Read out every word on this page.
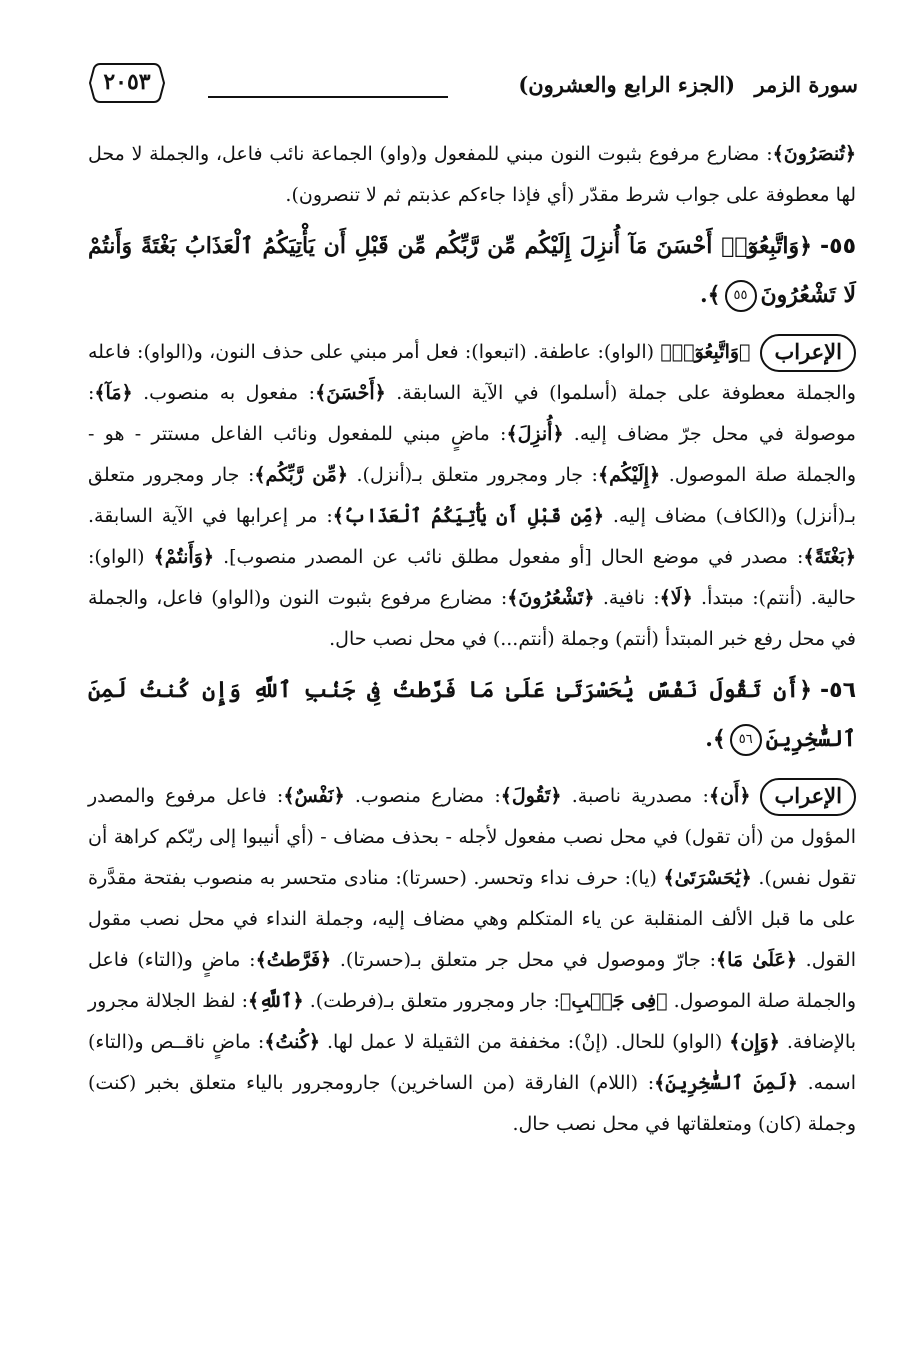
سورة الزمر (الجزء الرابع والعشرون)
٢٠٥٣

﴿تُنصَرُونَ﴾: مضارع مرفوع بثبوت النون مبني للمفعول و(واو) الجماعة نائب فاعل، والجملة لا محل لها معطوفة على جواب شرط مقدّر (أي فإذا جاءكم عذبتم ثم لا تنصرون).

٥٥-﴿وَاتَّبِعُوٓا۟ أَحْسَنَ مَآ أُنزِلَ إِلَيْكُم مِّن رَّبِّكُم مِّن قَبْلِ أَن يَأْتِيَكُمُ ٱلْعَذَابُ بَغْتَةً وَأَنتُمْ لَا تَشْعُرُونَ٥٥﴾.

الإعراب﴿وَاتَّبِعُوٓا۟﴾ (الواو): عاطفة. (اتبعوا): فعل أمر مبني على حذف النون، و(الواو): فاعله والجملة معطوفة على جملة (أسلموا) في الآية السابقة. ﴿أَحْسَنَ﴾: مفعول به منصوب. ﴿مَآ﴾: موصولة في محل جرّ مضاف إليه. ﴿أُنزِلَ﴾: ماضٍ مبني للمفعول ونائب الفاعل مستتر - هو - والجملة صلة الموصول. ﴿إِلَيْكُم﴾: جار ومجرور متعلق بـ(أنزل). ﴿مِّن رَّبِّكُم﴾: جار ومجرور متعلق بـ(أنزل) و(الكاف) مضاف إليه. ﴿مِّن قَبْلِ أَن يَأْتِيَكُمُ ٱلْعَذَابُ﴾: مر إعرابها في الآية السابقة. ﴿بَغْتَةً﴾: مصدر في موضع الحال [أو مفعول مطلق نائب عن المصدر منصوب]. ﴿وَأَنتُمْ﴾ (الواو): حالية. (أنتم): مبتدأ. ﴿لَا﴾: نافية. ﴿تَشْعُرُونَ﴾: مضارع مرفوع بثبوت النون و(الواو) فاعل، والجملة في محل رفع خبر المبتدأ (أنتم) وجملة (أنتم...) في محل نصب حال.

٥٦-﴿أَن تَقُولَ نَفْسٌ يَٰحَسْرَتَىٰ عَلَىٰ مَا فَرَّطتُ فِى جَنۢبِ ٱللَّهِ وَإِن كُنتُ لَمِنَ ٱلسَّٰخِرِينَ٥٦﴾.

الإعراب﴿أَن﴾: مصدرية ناصبة. ﴿تَقُولَ﴾: مضارع منصوب. ﴿نَفْسٌ﴾: فاعل مرفوع والمصدر المؤول من (أن تقول) في محل نصب مفعول لأجله - بحذف مضاف - (أي أنيبوا إلى ربّكم كراهة أن تقول نفس). ﴿يَٰحَسْرَتَىٰ﴾ (يا): حرف نداء وتحسر. (حسرتا): منادى متحسر به منصوب بفتحة مقدَّرة على ما قبل الألف المنقلبة عن ياء المتكلم وهي مضاف إليه، وجملة النداء في محل نصب مقول القول. ﴿عَلَىٰ مَا﴾: جارّ وموصول في محل جر متعلق بـ(حسرتا). ﴿فَرَّطتُ﴾: ماضٍ و(التاء) فاعل والجملة صلة الموصول. ﴿فِى جَنۢبِ﴾: جار ومجرور متعلق بـ(فرطت). ﴿ٱللَّهِ﴾: لفظ الجلالة مجرور بالإضافة. ﴿وَإِن﴾ (الواو) للحال. (إنْ): مخففة من الثقيلة لا عمل لها. ﴿كُنتُ﴾: ماضٍ ناقــص و(التاء) اسمه. ﴿لَمِنَ ٱلسَّٰخِرِينَ﴾: (اللام) الفارقة (من الساخرين) جارومجرور بالياء متعلق بخبر (كنت) وجملة (كان) ومتعلقاتها في محل نصب حال.
